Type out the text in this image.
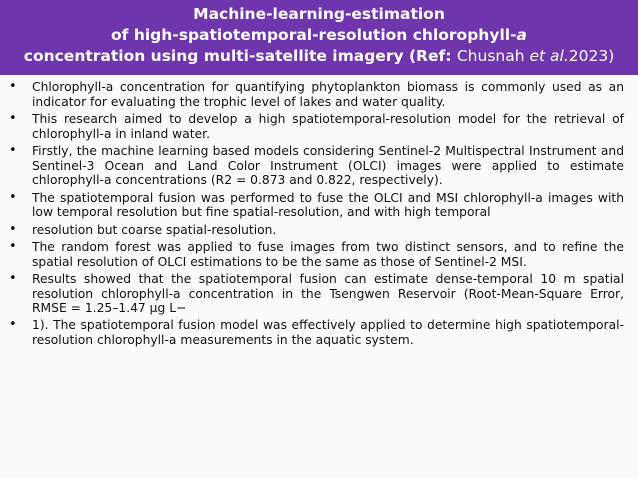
Machine-learning-estimation
of high-spatiotemporal-resolution chlorophyll-a
concentration using multi-satellite imagery (Ref: Chusnah et al.2023)
• Chlorophyll-a concentration for quantifying phytoplankton biomass is commonly used as an indicator for evaluating the trophic level of lakes and water quality.
• This research aimed to develop a high spatiotemporal-resolution model for the retrieval of chlorophyll-a in inland water.
• Firstly, the machine learning based models considering Sentinel-2 Multispectral Instrument and Sentinel-3 Ocean and Land Color Instrument (OLCI) images were applied to estimate chlorophyll-a concentrations (R2 = 0.873 and 0.822, respectively).
• The spatiotemporal fusion was performed to fuse the OLCI and MSI chlorophyll-a images with low temporal resolution but fine spatial-resolution, and with high temporal
• resolution but coarse spatial-resolution.
• The random forest was applied to fuse images from two distinct sensors, and to refine the spatial resolution of OLCI estimations to be the same as those of Sentinel-2 MSI.
• Results showed that the spatiotemporal fusion can estimate dense-temporal 10 m spatial resolution chlorophyll-a concentration in the Tsengwen Reservoir (Root-Mean-Square Error, RMSE = 1.25–1.47 µg L−
• 1). The spatiotemporal fusion model was effectively applied to determine high spatiotemporal-resolution chlorophyll-a measurements in the aquatic system.
